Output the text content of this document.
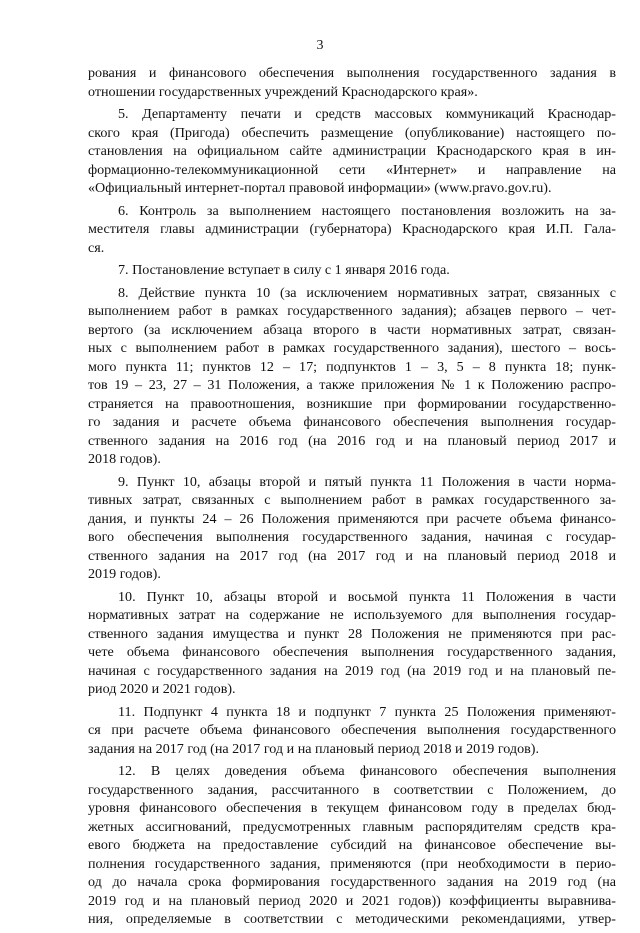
3
рования и финансового обеспечения выполнения государственного задания в
отношении государственных учреждений Краснодарского края».
5. Департаменту печати и средств массовых коммуникаций Краснодар-
ского края (Пригода) обеспечить размещение (опубликование) настоящего по-
становления на официальном сайте администрации Краснодарского края в ин-
формационно-телекоммуникационной сети «Интернет» и направление на
«Официальный интернет-портал правовой информации» (www.pravo.gov.ru).
6. Контроль за выполнением настоящего постановления возложить на за-
местителя главы администрации (губернатора) Краснодарского края И.П. Гала-
ся.
7. Постановление вступает в силу с 1 января 2016 года.
8. Действие пункта 10 (за исключением нормативных затрат, связанных с
выполнением работ в рамках государственного задания); абзацев первого – чет-
вертого (за исключением абзаца второго в части нормативных затрат, связан-
ных с выполнением работ в рамках государственного задания), шестого – вось-
мого пункта 11; пунктов 12 – 17; подпунктов 1 – 3, 5 – 8 пункта 18; пунк-
тов 19 – 23, 27 – 31 Положения, а также приложения № 1 к Положению распро-
страняется на правоотношения, возникшие при формировании государственно-
го задания и расчете объема финансового обеспечения выполнения государ-
ственного задания на 2016 год (на 2016 год и на плановый период 2017 и
2018 годов).
9. Пункт 10, абзацы второй и пятый пункта 11 Положения в части норма-
тивных затрат, связанных с выполнением работ в рамках государственного за-
дания, и пункты 24 – 26 Положения применяются при расчете объема финансо-
вого обеспечения выполнения государственного задания, начиная с государ-
ственного задания на 2017 год (на 2017 год и на плановый период 2018 и
2019 годов).
10. Пункт 10, абзацы второй и восьмой пункта 11 Положения в части
нормативных затрат на содержание не используемого для выполнения государ-
ственного задания имущества и пункт 28 Положения не применяются при рас-
чете объема финансового обеспечения выполнения государственного задания,
начиная с государственного задания на 2019 год (на 2019 год и на плановый пе-
риод 2020 и 2021 годов).
11. Подпункт 4 пункта 18 и подпункт 7 пункта 25 Положения применяют-
ся при расчете объема финансового обеспечения выполнения государственного
задания на 2017 год (на 2017 год и на плановый период 2018 и 2019 годов).
12. В целях доведения объема финансового обеспечения выполнения
государственного задания, рассчитанного в соответствии с Положением, до
уровня финансового обеспечения в текущем финансовом году в пределах бюд-
жетных ассигнований, предусмотренных главным распорядителям средств кра-
евого бюджета на предоставление субсидий на финансовое обеспечение вы-
полнения государственного задания, применяются (при необходимости в перио-
од до начала срока формирования государственного задания на 2019 год (на
2019 год и на плановый период 2020 и 2021 годов)) коэффициенты выравнива-
ния, определяемые в соответствии с методическими рекомендациями, утвер-
